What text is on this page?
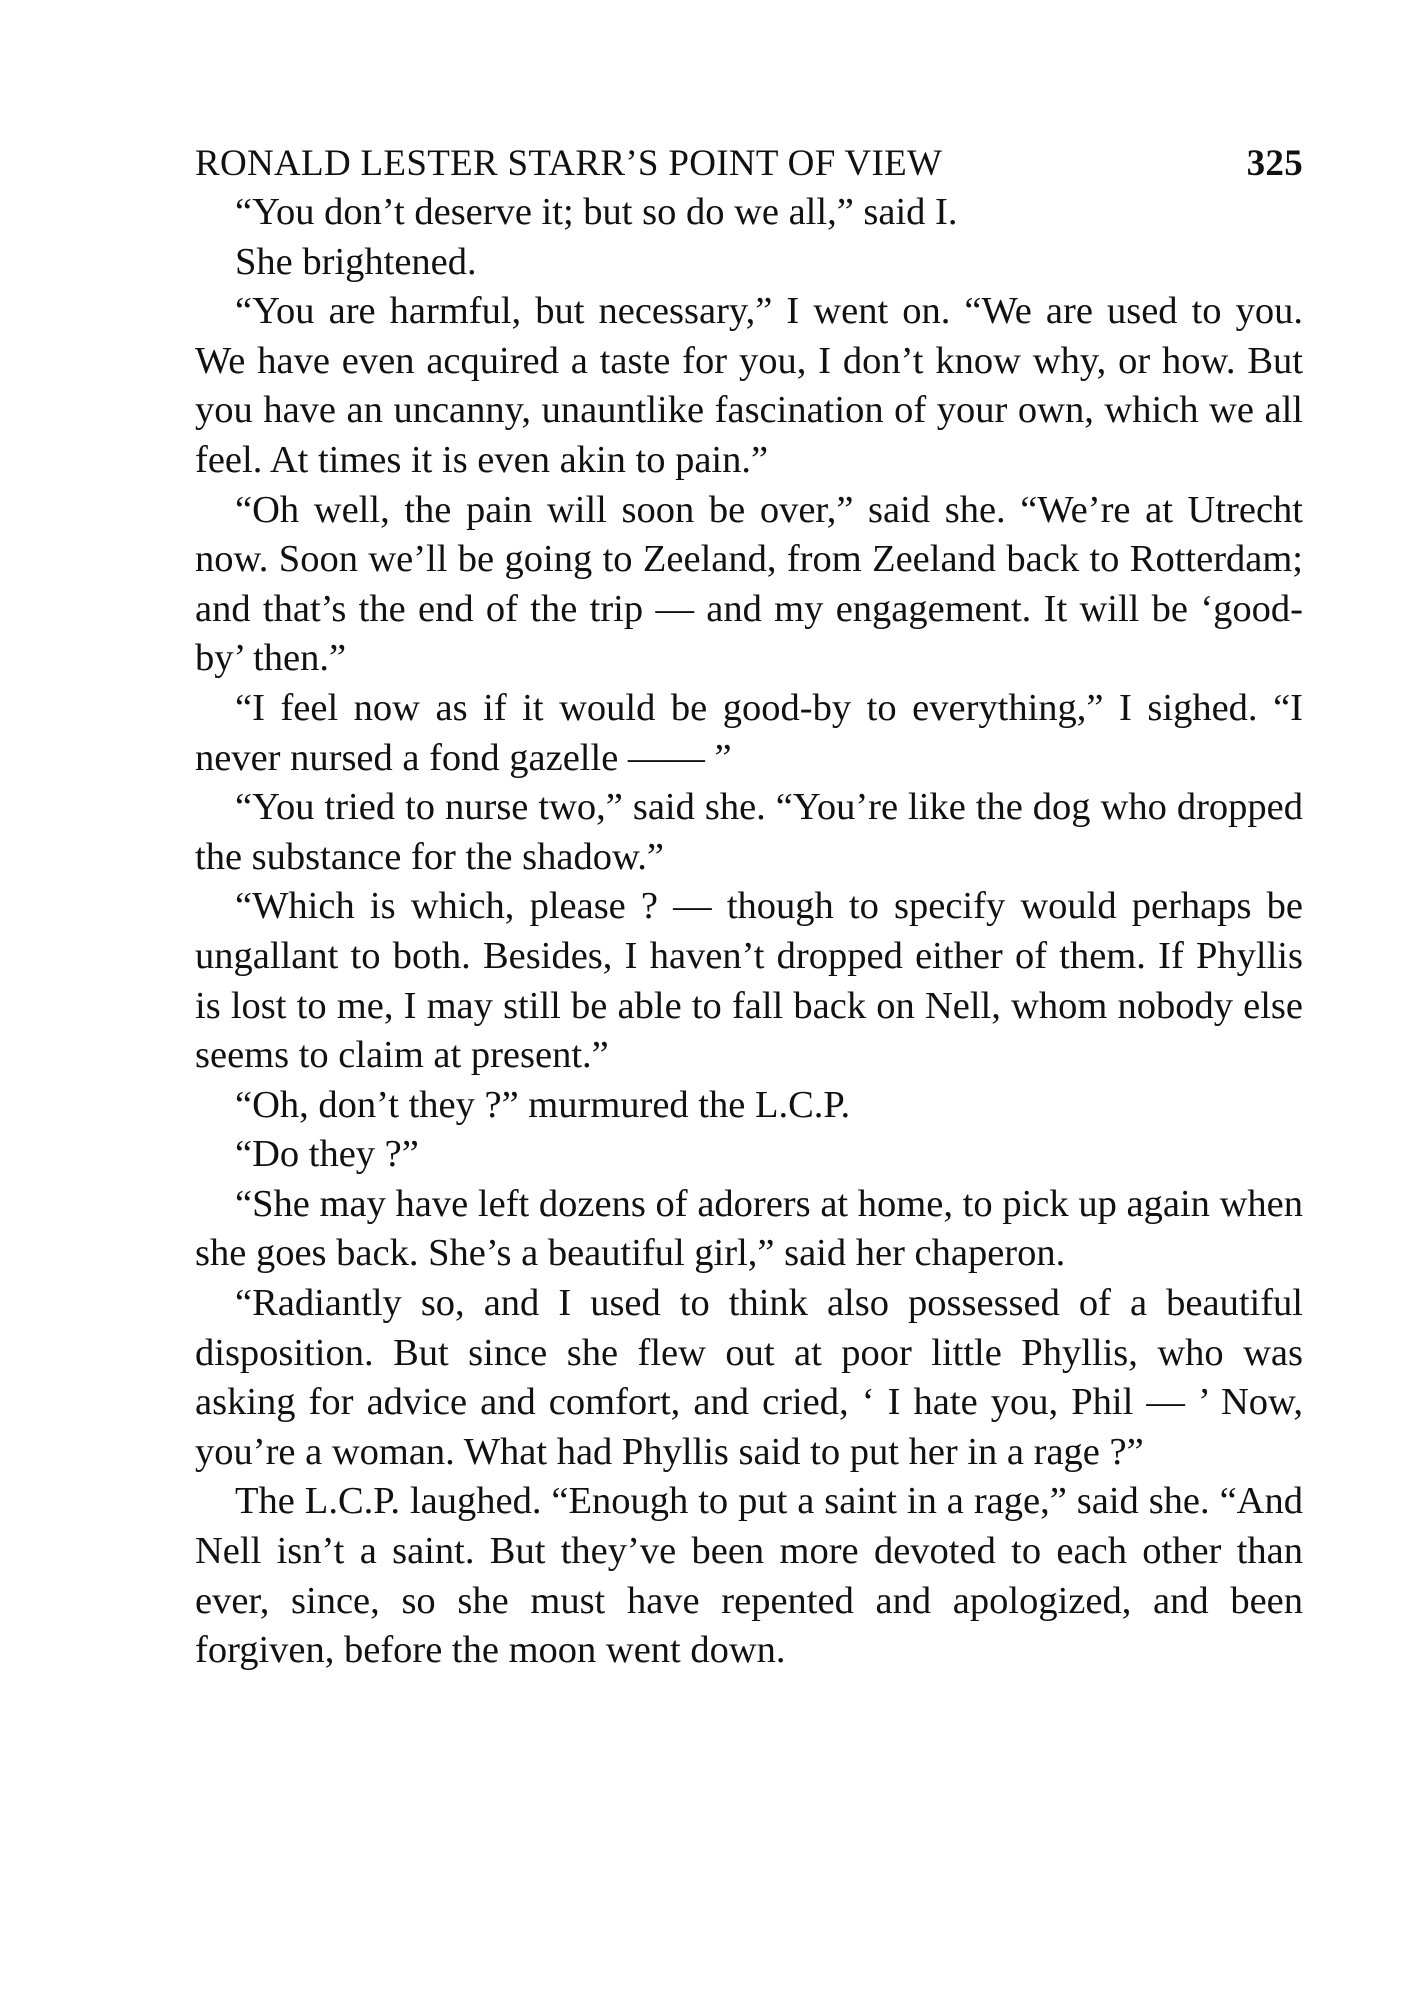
RONALD LESTER STARR’S POINT OF VIEW	325

“You don’t deserve it; but so do we all,” said I.

She brightened.

“You are harmful, but necessary,” I went on. “We are used to you. We have even acquired a taste for you, I don’t know why, or how. But you have an uncanny, unauntlike fascination of your own, which we all feel. At times it is even akin to pain.”

“Oh well, the pain will soon be over,” said she. “We’re at Utrecht now. Soon we’ll be going to Zeeland, from Zeeland back to Rotterdam; and that’s the end of the trip — and my engagement. It will be ‘good-by’ then.”

“I feel now as if it would be good-by to everything,” I sighed. “I never nursed a fond gazelle —— ”

“You tried to nurse two,” said she. “You’re like the dog who dropped the substance for the shadow.”

“Which is which, please ? — though to specify would perhaps be ungallant to both. Besides, I haven’t dropped either of them. If Phyllis is lost to me, I may still be able to fall back on Nell, whom nobody else seems to claim at present.”

“Oh, don’t they ?” murmured the L.C.P.

“Do they ?”

“She may have left dozens of adorers at home, to pick up again when she goes back. She’s a beautiful girl,” said her chaperon.

“Radiantly so, and I used to think also possessed of a beautiful disposition. But since she flew out at poor little Phyllis, who was asking for advice and comfort, and cried, ‘ I hate you, Phil — ’ Now, you’re a woman. What had Phyllis said to put her in a rage ?”

The L.C.P. laughed. “Enough to put a saint in a rage,” said she. “And Nell isn’t a saint. But they’ve been more devoted to each other than ever, since, so she must have repented and apologized, and been forgiven, before the moon went down.
